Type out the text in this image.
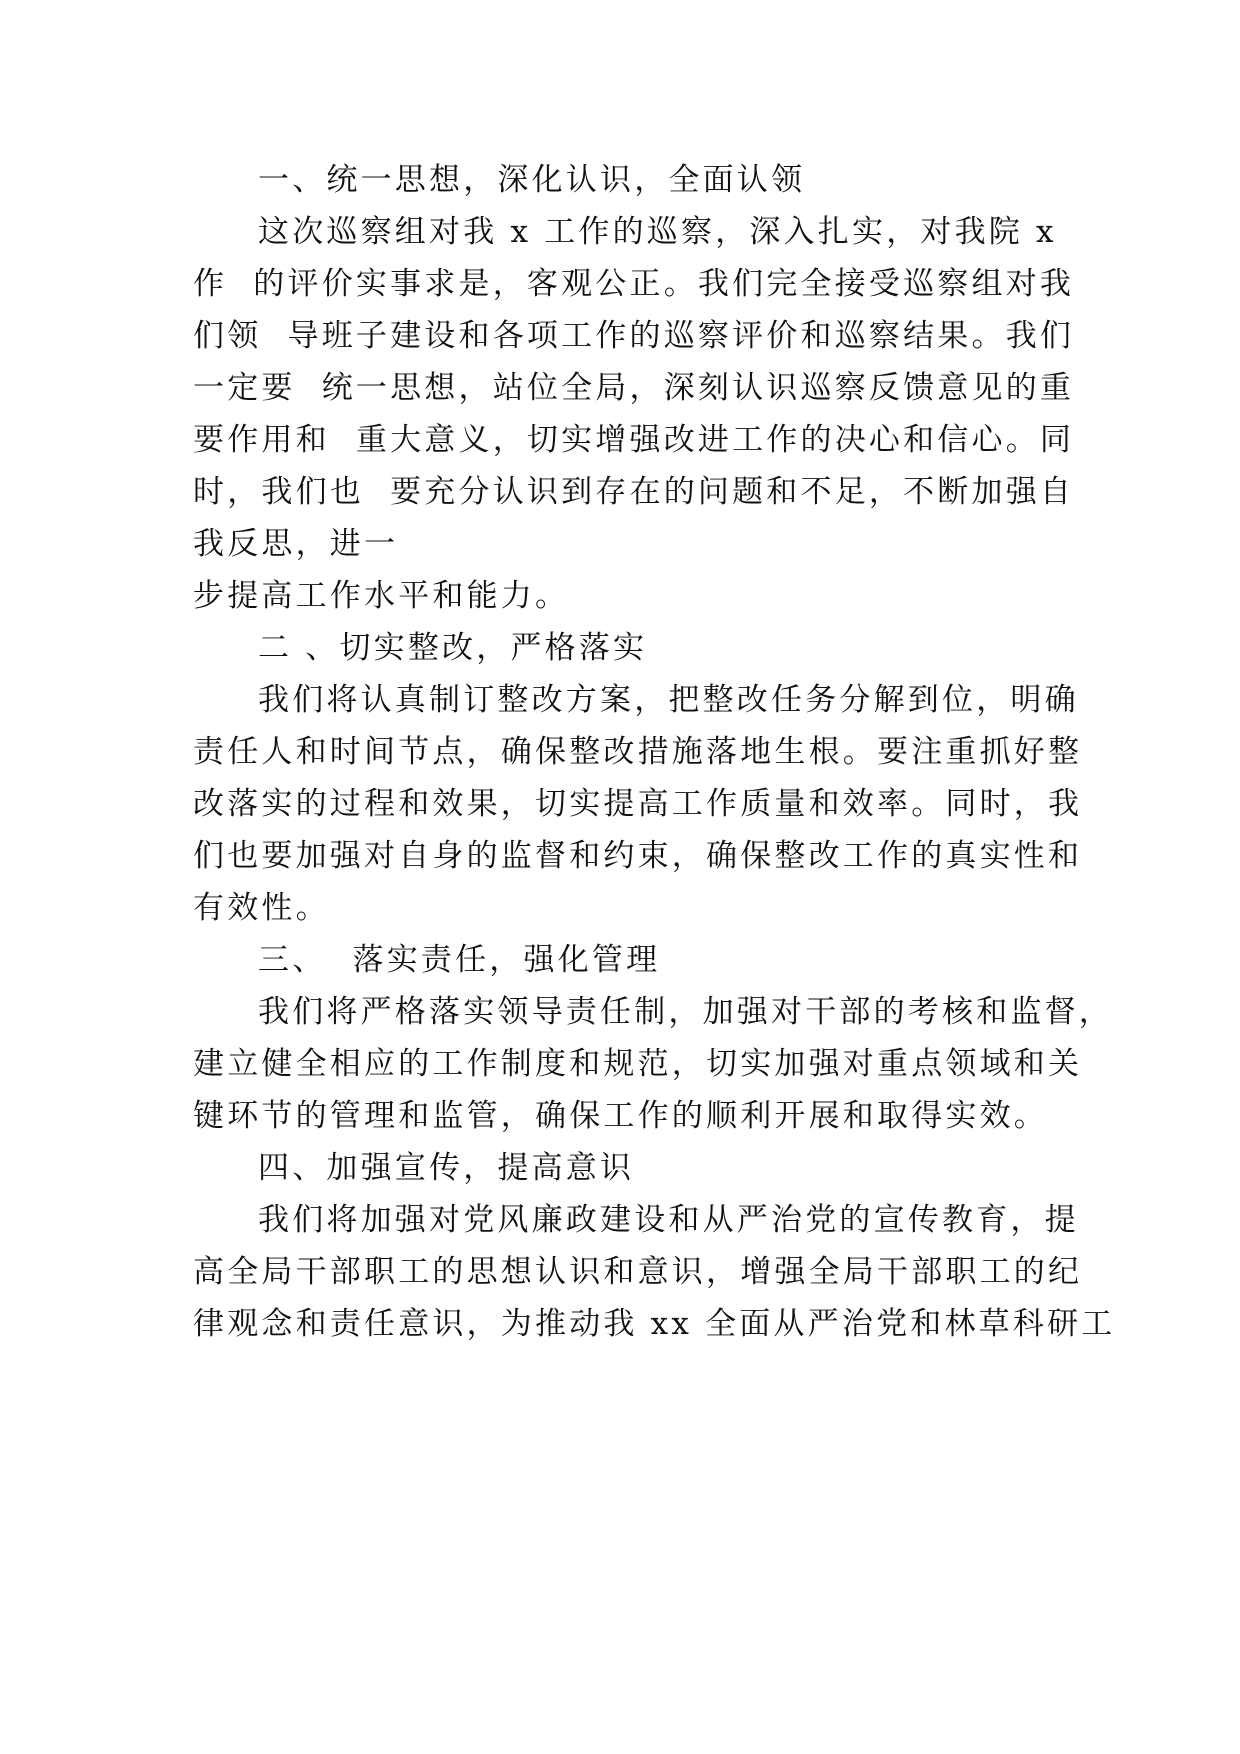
一、统一思想，深化认识，全面认领
这次巡察组对我 x 工作的巡察，深入扎实，对我院 x
作  的评价实事求是，客观公正。我们完全接受巡察组对我
们领  导班子建设和各项工作的巡察评价和巡察结果。我们
一定要  统一思想，站位全局，深刻认识巡察反馈意见的重
要作用和  重大意义，切实增强改进工作的决心和信心。同
时，我们也  要充分认识到存在的问题和不足，不断加强自
我反思，进一
步提高工作水平和能力。
二 、切实整改，严格落实
我们将认真制订整改方案，把整改任务分解到位，明确
责任人和时间节点，确保整改措施落地生根。要注重抓好整
改落实的过程和效果，切实提高工作质量和效率。同时，我
们也要加强对自身的监督和约束，确保整改工作的真实性和
有效性。
三、  落实责任，强化管理
我们将严格落实领导责任制，加强对干部的考核和监督，
建立健全相应的工作制度和规范，切实加强对重点领域和关
键环节的管理和监管，确保工作的顺利开展和取得实效。
四、加强宣传，提高意识
我们将加强对党风廉政建设和从严治党的宣传教育，提
高全局干部职工的思想认识和意识，增强全局干部职工的纪
律观念和责任意识，为推动我 xx 全面从严治党和林草科研工
